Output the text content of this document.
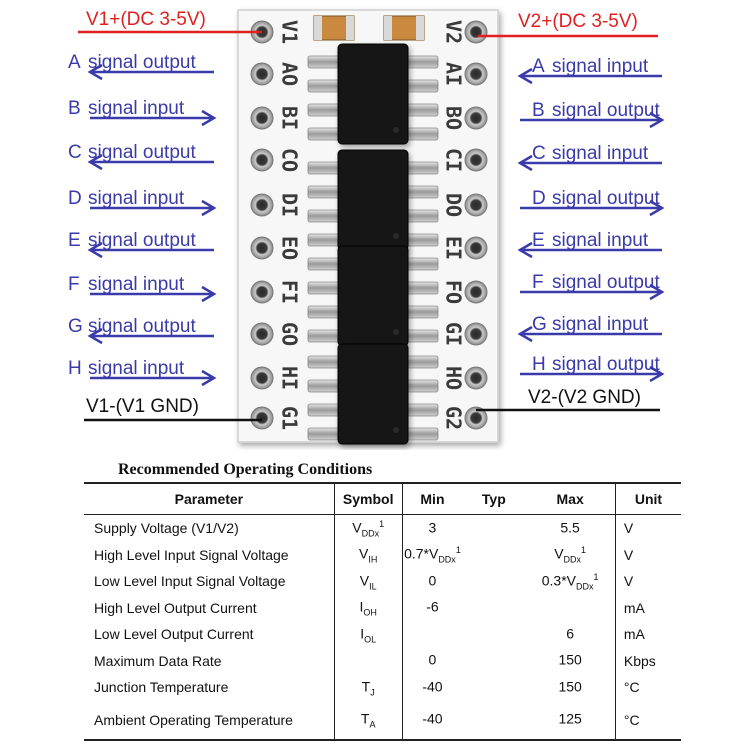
V1
AO
BI
CO
DI
EO
FI
GO
HI
G1
V2
AI
BO
CI
DO
EI
FO
GI
HO
G2
V1+(DC 3-5V)	V2+(DC 3-5V)
V1-(V1 GND)	V2-(V2 GND)
A signal output
B signal input
C signal output
D signal input
E signal output
F signal input
G signal output
H signal input
A signal input
B signal output
C signal input
D signal output
E signal input
F signal output
G signal input
H signal output
Recommended Operating Conditions
Parameter	Symbol	Min	Typ	Max	Unit
Supply Voltage (V1/V2)	$V_{DDx}^1$	3		5.5	V
High Level Input Signal Voltage	$V_{IH}$	$0.7*V_{DDx}^1$		$V_{DDx}^1$	V
Low Level Input Signal Voltage	$V_{IL}$	0		$0.3*V_{DDx}^1$	V
High Level Output Current	$I_{OH}$	-6			mA
Low Level Output Current	$I_{OL}$			6	mA
Maximum Data Rate		0		150	Kbps
Junction Temperature	$T_J$	-40		150	°C
Ambient Operating Temperature	$T_A$	-40		125	°C
